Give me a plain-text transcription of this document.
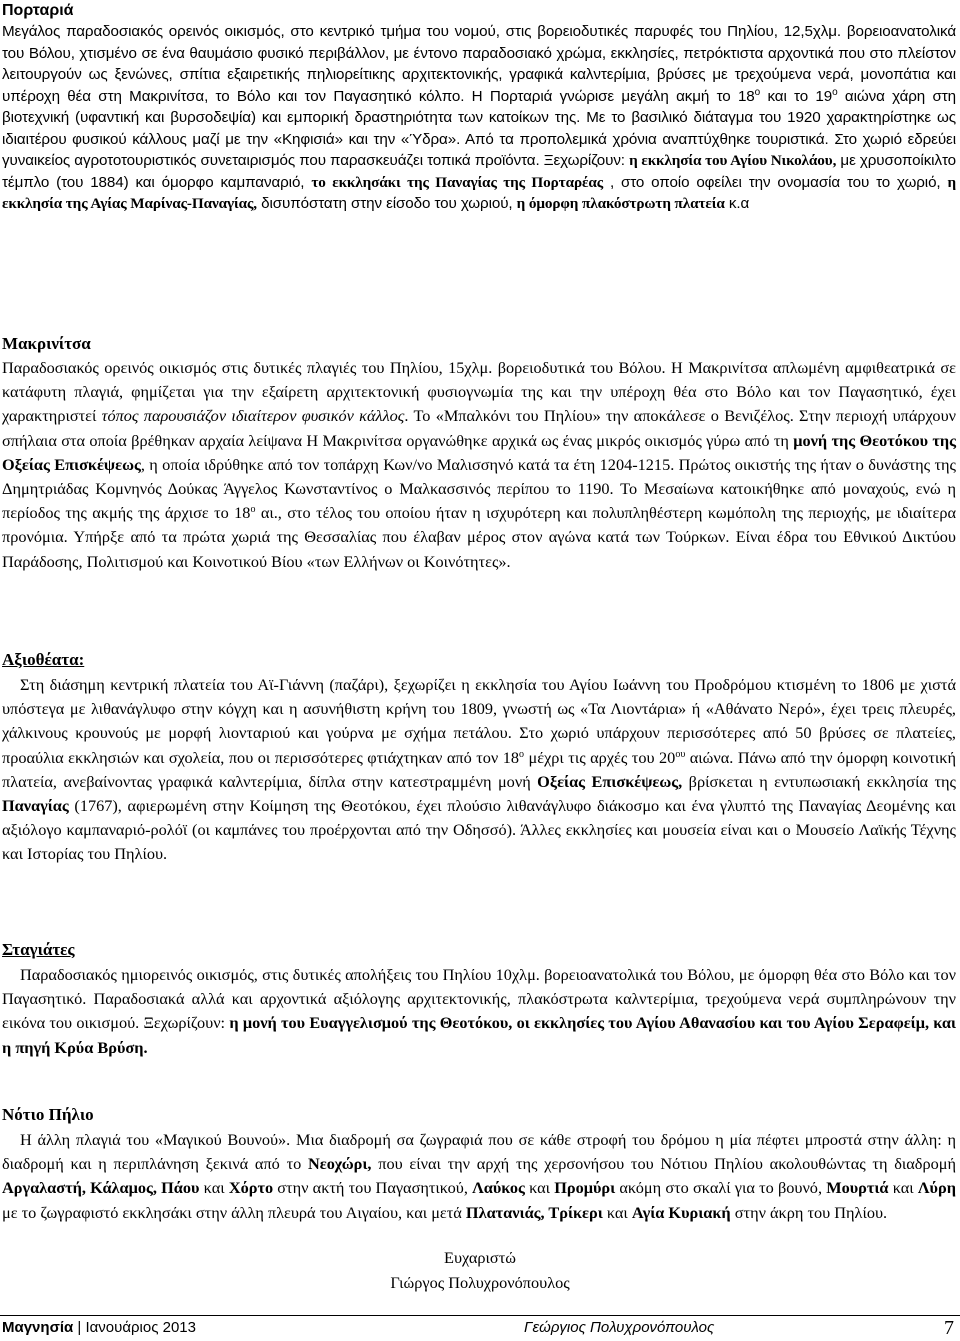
Πορταριά

Μεγάλος παραδοσιακός ορεινός οικισμός, στο κεντρικό τμήμα του νομού, στις βορειοδυτικές παρυφές του Πηλίου, 12,5χλμ. βορειοανατολικά του Βόλου, χτισμένο σε ένα θαυμάσιο φυσικό περιβάλλον, με έντονο παραδοσιακό χρώμα, εκκλησίες, πετρόκτιστα αρχοντικά που στο πλείστον λειτουργούν ως ξενώνες, σπίτια εξαιρετικής πηλιορείτικης αρχιτεκτονικής, γραφικά καλντερίμια, βρύσες με τρεχούμενα νερά, μονοπάτια και υπέροχη θέα στη Μακρινίτσα, το Βόλο και τον Παγασητικό κόλπο. Η Πορταριά γνώρισε μεγάλη ακμή το $18^o$ και το $19^o$ αιώνα χάρη στη βιοτεχνική (υφαντική και βυρσοδεψία) και εμπορική δραστηριότητα των κατοίκων της. Με το βασιλικό διάταγμα του 1920 χαρακτηρίστηκε ως ιδιαιτέρου φυσικού κάλλους μαζί με την «Κηφισιά» και την «Ύδρα». Από τα προπολεμικά χρόνια αναπτύχθηκε τουριστικά. Στο χωριό εδρεύει γυναικείος αγροτοτουριστικός συνεταιρισμός που παρασκευάζει τοπικά προϊόντα. Ξεχωρίζουν: η εκκλησία του Αγίου Νικολάου, με χρυσοποίκιλτο τέμπλο (του 1884) και όμορφο καμπαναριό, το εκκλησάκι της Παναγίας της Πορταρέας , στο οποίο οφείλει την ονομασία του το χωριό, η εκκλησία της Αγίας Μαρίνας-Παναγίας, δισυπόστατη στην είσοδο του χωριού, η όμορφη πλακόστρωτη πλατεία κ.α

Μακρινίτσα

Παραδοσιακός ορεινός οικισμός στις δυτικές πλαγιές του Πηλίου, 15χλμ. βορειοδυτικά του Βόλου. Η Μακρινίτσα απλωμένη αμφιθεατρικά σε κατάφυτη πλαγιά, φημίζεται για την εξαίρετη αρχιτεκτονική φυσιογνωμία της και την υπέροχη θέα στο Βόλο και τον Παγασητικό, έχει χαρακτηριστεί τόπος παρουσιάζον ιδιαίτερον φυσικόν κάλλος. Το «Μπαλκόνι του Πηλίου» την αποκάλεσε ο Βενιζέλος. Στην περιοχή υπάρχουν σπήλαια στα οποία βρέθηκαν αρχαία λείψανα Η Μακρινίτσα οργανώθηκε αρχικά ως ένας μικρός οικισμός γύρω από τη μονή της Θεοτόκου της Οξείας Επισκέψεως, η οποία ιδρύθηκε από τον τοπάρχη Κων/νο Μαλισσηνό κατά τα έτη 1204-1215. Πρώτος οικιστής της ήταν ο δυνάστης της Δημητριάδας Κομνηνός Δούκας Άγγελος Κωνσταντίνος ο Μαλκασσινός περίπου το 1190. Το Μεσαίωνα κατοικήθηκε από μοναχούς, ενώ η περίοδος της ακμής της άρχισε το $18^o$ αι., στο τέλος του οποίου ήταν η ισχυρότερη και πολυπληθέστερη κωμόπολη της περιοχής, με ιδιαίτερα προνόμια. Υπήρξε από τα πρώτα χωριά της Θεσσαλίας που έλαβαν μέρος στον αγώνα κατά των Τούρκων. Είναι έδρα του Εθνικού Δικτύου Παράδοσης, Πολιτισμού και Κοινοτικού Βίου «των Ελλήνων οι Κοινότητες».

Αξιοθέατα:

Στη διάσημη κεντρική πλατεία του Αϊ-Γιάννη (παζάρι), ξεχωρίζει η εκκλησία του Αγίου Ιωάννη του Προδρόμου κτισμένη το 1806 με χιστά υπόστεγα με λιθανάγλυφο στην κόγχη και η ασυνήθιστη κρήνη του 1809, γνωστή ως «Τα Λιοντάρια» ή «Αθάνατο Νερό», έχει τρεις πλευρές, χάλκινους κρουνούς με μορφή λιονταριού και γούρνα με σχήμα πετάλου. Στο χωριό υπάρχουν περισσότερες από 50 βρύσες σε πλατείες, προαύλια εκκλησιών και σχολεία, που οι περισσότερες φτιάχτηκαν από τον $18^o$ μέχρι τις αρχές του $20^{o\upsilon}$ αιώνα. Πάνω από την όμορφη κοινοτική πλατεία, ανεβαίνοντας γραφικά καλντερίμια, δίπλα στην κατεστραμμένη μονή Οξείας Επισκέψεως, βρίσκεται η εντυπωσιακή εκκλησία της Παναγίας (1767), αφιερωμένη στην Κοίμηση της Θεοτόκου, έχει πλούσιο λιθανάγλυφο διάκοσμο και ένα γλυπτό της Παναγίας Δεομένης και αξιόλογο καμπαναριό-ρολόϊ (οι καμπάνες του προέρχονται από την Οδησσό). Άλλες εκκλησίες και μουσεία είναι και ο Μουσείο Λαϊκής Τέχνης και Ιστορίας του Πηλίου.

Σταγιάτες

Παραδοσιακός ημιορεινός οικισμός, στις δυτικές απολήξεις του Πηλίου 10χλμ. βορειοανατολικά του Βόλου, με όμορφη θέα στο Βόλο και τον Παγασητικό. Παραδοσιακά αλλά και αρχοντικά αξιόλογης αρχιτεκτονικής, πλακόστρωτα καλντερίμια, τρεχούμενα νερά συμπληρώνουν την εικόνα του οικισμού. Ξεχωρίζουν: η μονή του Ευαγγελισμού της Θεοτόκου, οι εκκλησίες του Αγίου Αθανασίου και του Αγίου Σεραφείμ, και η πηγή Κρύα Βρύση.

Νότιο Πήλιο

Η άλλη πλαγιά του «Μαγικού Βουνού». Μια διαδρομή σα ζωγραφιά που σε κάθε στροφή του δρόμου η μία πέφτει μπροστά στην άλλη: η διαδρομή και η περιπλάνηση ξεκινά από το Νεοχώρι, που είναι την αρχή της χερσονήσου του Νότιου Πηλίου ακολουθώντας τη διαδρομή Αργαλαστή, Κάλαμος, Πάου και Χόρτο στην ακτή του Παγασητικού, Λαύκος και Προμύρι ακόμη στο σκαλί για το βουνό, Μουρτιά και Λύρη με το ζωγραφιστό εκκλησάκι στην άλλη πλευρά του Αιγαίου, και μετά Πλατανιάς, Τρίκερι και Αγία Κυριακή στην άκρη του Πηλίου.

Ευχαριστώ

Γιώργος Πολυχρονόπουλος

Μαγνησία | Ιανουάριος 2013	Γεώργιος Πολυχρονόπουλος	7
